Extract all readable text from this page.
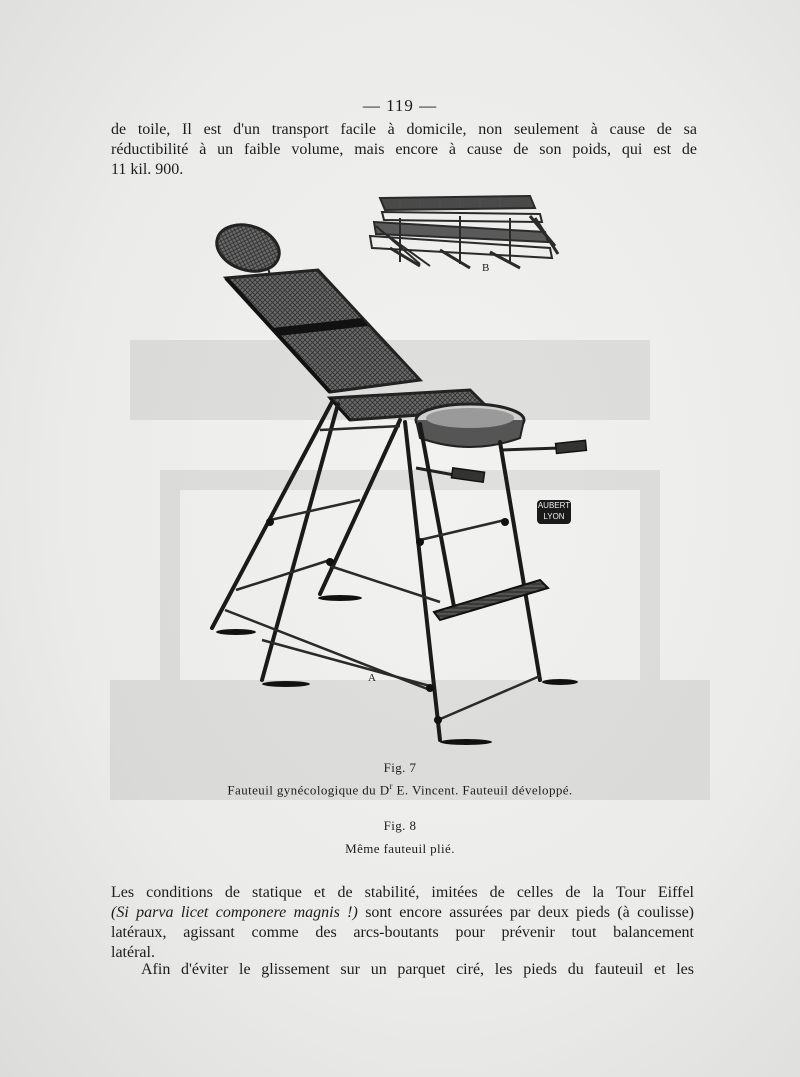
— 119 —
de toile, Il est d'un transport facile à domicile, non seulement à cause de sa
réductibilité à un faible volume, mais encore à cause de son poids, qui est de
11 kil. 900.
AUBERT
LYON
A
B
Fig. 7
Fauteuil gynécologique du $D^r$ E. Vincent. Fauteuil développé.
Fig. 8
Même fauteuil plié.
Les conditions de statique et de stabilité, imitées de celles de la Tour Eiffel
(Si parva licet componere magnis !) sont encore assurées par deux pieds (à coulisse)
latéraux, agissant comme des arcs-boutants pour prévenir tout balancement
latéral.
Afin d'éviter le glissement sur un parquet ciré, les pieds du fauteuil et les
